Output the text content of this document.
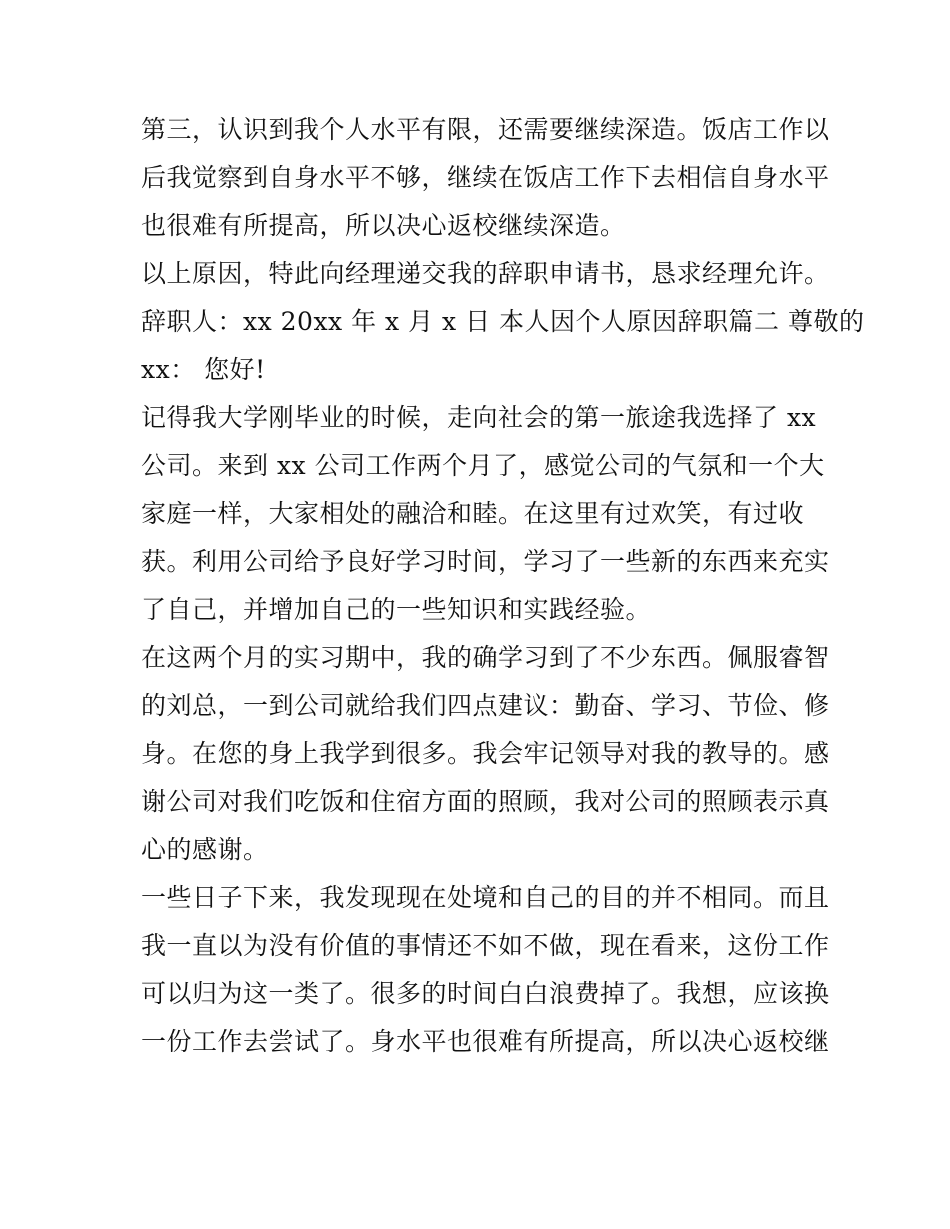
第三，认识到我个人水平有限，还需要继续深造。饭店工作以
后我觉察到自身水平不够，继续在饭店工作下去相信自身水平
也很难有所提高，所以决心返校继续深造。
以上原因，特此向经理递交我的辞职申请书，恳求经理允许。
辞职人：xx 20xx 年 x 月 x 日 本人因个人原因辞职篇二 尊敬的
xx： 您好!
记得我大学刚毕业的时候，走向社会的第一旅途我选择了 xx
公司。来到 xx 公司工作两个月了，感觉公司的气氛和一个大
家庭一样，大家相处的融洽和睦。在这里有过欢笑，有过收
获。利用公司给予良好学习时间，学习了一些新的东西来充实
了自己，并增加自己的一些知识和实践经验。
在这两个月的实习期中，我的确学习到了不少东西。佩服睿智
的刘总，一到公司就给我们四点建议：勤奋、学习、节俭、修
身。在您的身上我学到很多。我会牢记领导对我的教导的。感
谢公司对我们吃饭和住宿方面的照顾，我对公司的照顾表示真
心的感谢。
一些日子下来，我发现现在处境和自己的目的并不相同。而且
我一直以为没有价值的事情还不如不做，现在看来，这份工作
可以归为这一类了。很多的时间白白浪费掉了。我想，应该换
一份工作去尝试了。身水平也很难有所提高，所以决心返校继
